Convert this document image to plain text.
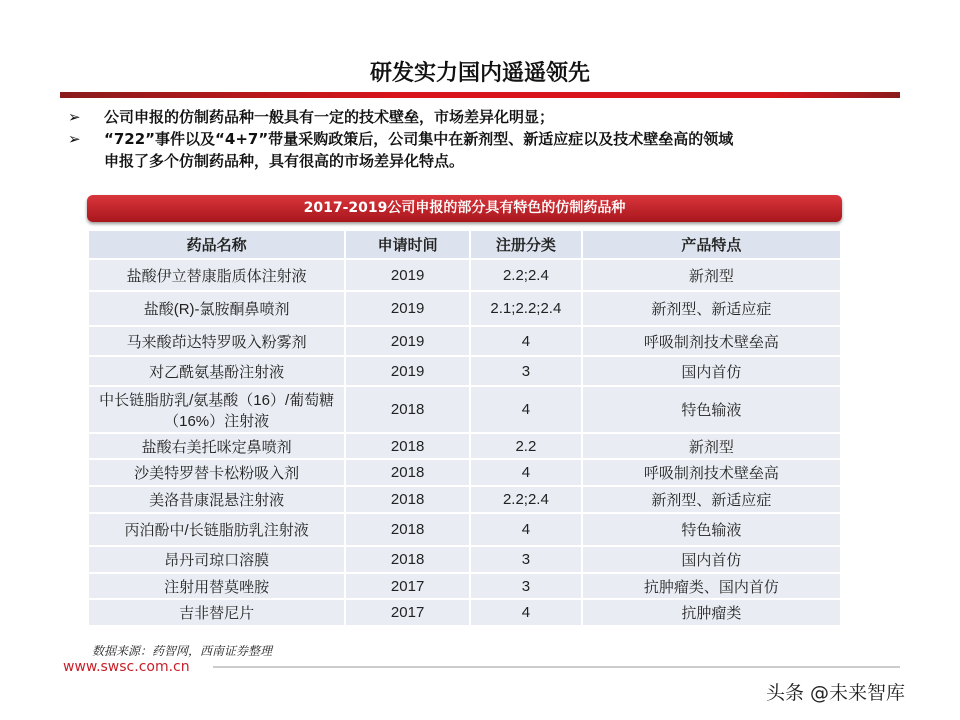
研发实力国内遥遥领先
➢	公司申报的仿制药品种一般具有一定的技术壁垒，市场差异化明显；
➢	“722”事件以及“4+7”带量采购政策后，公司集中在新剂型、新适应症以及技术壁垒高的领域
申报了多个仿制药品种，具有很高的市场差异化特点。
2017-2019公司申报的部分具有特色的仿制药品种
药品名称	申请时间	注册分类	产品特点
盐酸伊立替康脂质体注射液	2019	2.2;2.4	新剂型
盐酸(R)-氯胺酮鼻喷剂	2019	2.1;2.2;2.4	新剂型、新适应症
马来酸茚达特罗吸入粉雾剂	2019	4	呼吸制剂技术壁垒高
对乙酰氨基酚注射液	2019	3	国内首仿
中长链脂肪乳/氨基酸（16）/葡萄糖（16%）注射液	2018	4	特色输液
盐酸右美托咪定鼻喷剂	2018	2.2	新剂型
沙美特罗替卡松粉吸入剂	2018	4	呼吸制剂技术壁垒高
美洛昔康混悬注射液	2018	2.2;2.4	新剂型、新适应症
丙泊酚中/长链脂肪乳注射液	2018	4	特色输液
昂丹司琼口溶膜	2018	3	国内首仿
注射用替莫唑胺	2017	3	抗肿瘤类、国内首仿
吉非替尼片	2017	4	抗肿瘤类
数据来源：药智网，西南证券整理
www.swsc.com.cn
头条 @未来智库
